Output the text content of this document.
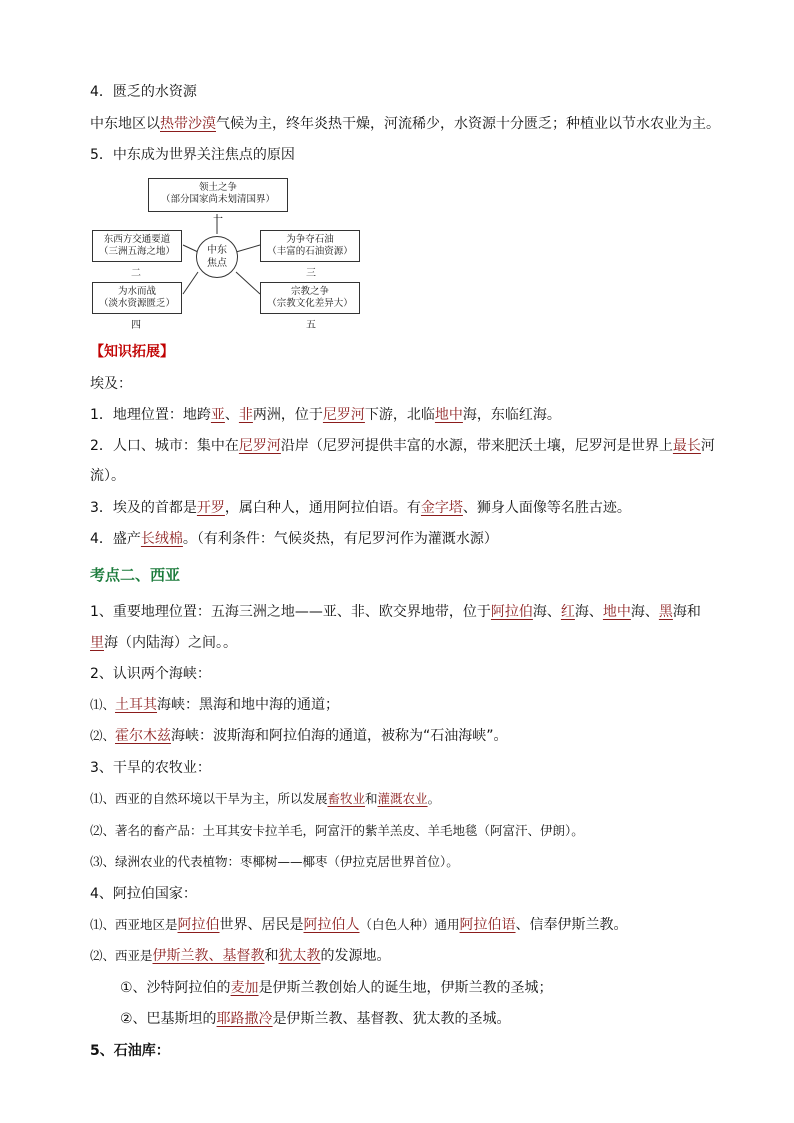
4．匮乏的水资源
中东地区以热带沙漠气候为主，终年炎热干燥，河流稀少，水资源十分匮乏；种植业以节水农业为主。
5．中东成为世界关注焦点的原因
领土之争
（部分国家尚未划清国界）
一
东西方交通要道
（三洲五海之地）
二
为争夺石油
（丰富的石油资源）
三
中东
焦点
为水而战
（淡水资源匮乏）
四
宗教之争
（宗教文化差异大）
五
【知识拓展】
埃及：
1．地理位置：地跨亚、非两洲，位于尼罗河下游，北临地中海，东临红海。
2．人口、城市：集中在尼罗河沿岸（尼罗河提供丰富的水源，带来肥沃土壤，尼罗河是世界上最长河
流）。
3．埃及的首都是开罗，属白种人，通用阿拉伯语。有金字塔、狮身人面像等名胜古迹。
4．盛产长绒棉。（有利条件：气候炎热，有尼罗河作为灌溉水源）
考点二、西亚
1、重要地理位置：五海三洲之地——亚、非、欧交界地带，位于阿拉伯海、红海、地中海、黑海和
里海（内陆海）之间。。
2、认识两个海峡：
⑴、土耳其海峡：黑海和地中海的通道；
⑵、霍尔木兹海峡：波斯海和阿拉伯海的通道，被称为“石油海峡”。
3、干旱的农牧业：
⑴、西亚的自然环境以干旱为主，所以发展畜牧业和灌溉农业。
⑵、著名的畜产品：土耳其安卡拉羊毛，阿富汗的紫羊羔皮、羊毛地毯（阿富汗、伊朗）。
⑶、绿洲农业的代表植物：枣椰树——椰枣（伊拉克居世界首位）。
4、阿拉伯国家：
⑴、西亚地区是阿拉伯世界、居民是阿拉伯人（白色人种）通用阿拉伯语、信奉伊斯兰教。
⑵、西亚是伊斯兰教、基督教和犹太教的发源地。
①、沙特阿拉伯的麦加是伊斯兰教创始人的诞生地，伊斯兰教的圣城；
②、巴基斯坦的耶路撒冷是伊斯兰教、基督教、犹太教的圣城。
5、石油库：
